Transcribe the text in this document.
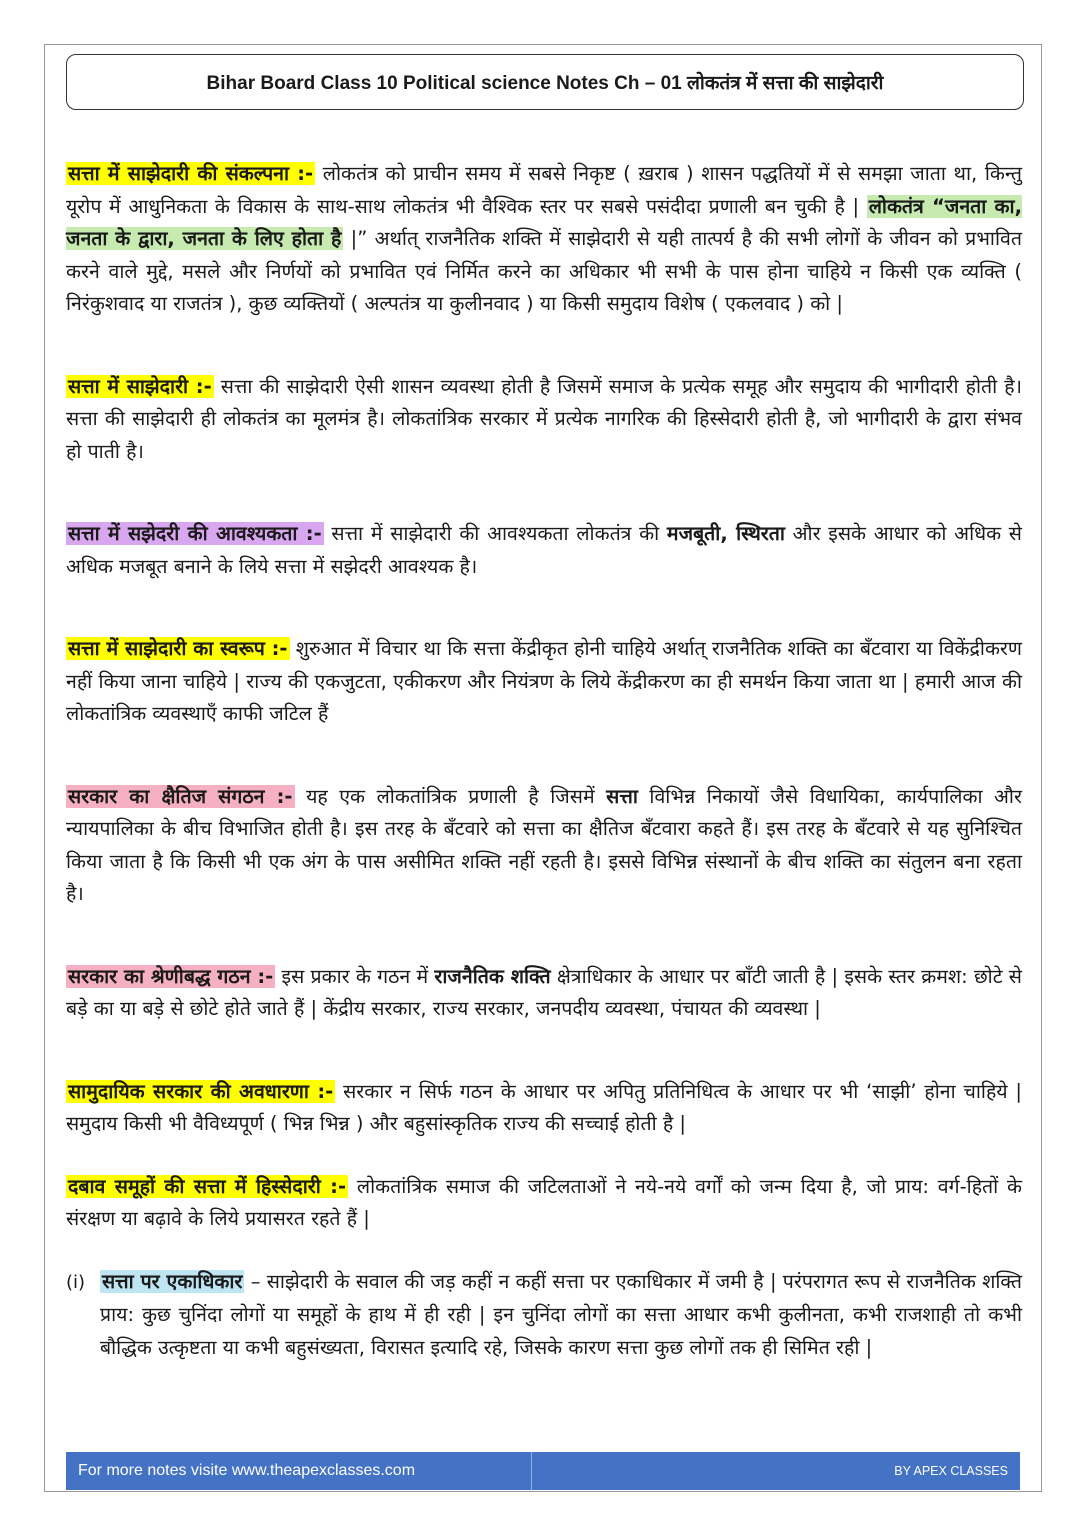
Bihar Board Class 10 Political science Notes Ch – 01 लोकतंत्र में सत्ता की साझेदारी

सत्ता में साझेदारी की संकल्पना :- लोकतंत्र को प्राचीन समय में सबसे निकृष्ट ( ख़राब ) शासन पद्धतियों में से समझा जाता था, किन्तु यूरोप में आधुनिकता के विकास के साथ-साथ लोकतंत्र भी वैश्विक स्तर पर सबसे पसंदीदा प्रणाली बन चुकी है | लोकतंत्र “जनता का, जनता के द्वारा, जनता के लिए होता है |” अर्थात् राजनैतिक शक्ति में साझेदारी से यही तात्पर्य है की सभी लोगों के जीवन को प्रभावित करने वाले मुद्दे, मसले और निर्णयों को प्रभावित एवं निर्मित करने का अधिकार भी सभी के पास होना चाहिये न किसी एक व्यक्ति ( निरंकुशवाद या राजतंत्र ), कुछ व्यक्तियों ( अल्पतंत्र या कुलीनवाद ) या किसी समुदाय विशेष ( एकलवाद ) को |

सत्ता में साझेदारी :- सत्ता की साझेदारी ऐसी शासन व्यवस्था होती है जिसमें समाज के प्रत्येक समूह और समुदाय की भागीदारी होती है। सत्ता की साझेदारी ही लोकतंत्र का मूलमंत्र है। लोकतांत्रिक सरकार में प्रत्येक नागरिक की हिस्सेदारी होती है, जो भागीदारी के द्वारा संभव हो पाती है।

सत्ता में सझेदरी की आवश्यकता :- सत्ता में साझेदारी की आवश्यकता लोकतंत्र की मजबूती, स्थिरता और इसके आधार को अधिक से अधिक मजबूत बनाने के लिये सत्ता में सझेदरी आवश्यक है।

सत्ता में साझेदारी का स्वरूप :- शुरुआत में विचार था कि सत्ता केंद्रीकृत होनी चाहिये अर्थात् राजनैतिक शक्ति का बँटवारा या विकेंद्रीकरण नहीं किया जाना चाहिये | राज्य की एकजुटता, एकीकरण और नियंत्रण के लिये केंद्रीकरण का ही समर्थन किया जाता था | हमारी आज की लोकतांत्रिक व्यवस्थाएँ काफी जटिल हैं

सरकार का क्षैतिज संगठन :- यह एक लोकतांत्रिक प्रणाली है जिसमें सत्ता विभिन्न निकायों जैसे विधायिका, कार्यपालिका और न्यायपालिका के बीच विभाजित होती है। इस तरह के बँटवारे को सत्ता का क्षैतिज बँटवारा कहते हैं। इस तरह के बँटवारे से यह सुनिश्चित किया जाता है कि किसी भी एक अंग के पास असीमित शक्ति नहीं रहती है। इससे विभिन्न संस्थानों के बीच शक्ति का संतुलन बना रहता है।

सरकार का श्रेणीबद्ध गठन :- इस प्रकार के गठन में राजनैतिक शक्ति क्षेत्राधिकार के आधार पर बाँटी जाती है | इसके स्तर क्रमश: छोटे से बड़े का या बड़े से छोटे होते जाते हैं | केंद्रीय सरकार, राज्य सरकार, जनपदीय व्यवस्था, पंचायत की व्यवस्था |

सामुदायिक सरकार की अवधारणा :- सरकार न सिर्फ गठन के आधार पर अपितु प्रतिनिधित्व के आधार पर भी ‘साझी’ होना चाहिये | समुदाय किसी भी वैविध्यपूर्ण ( भिन्न भिन्न ) और बहुसांस्कृतिक राज्य की सच्चाई होती है |

दबाव समूहों की सत्ता में हिस्सेदारी :- लोकतांत्रिक समाज की जटिलताओं ने नये-नये वर्गों को जन्म दिया है, जो प्राय: वर्ग-हितों के संरक्षण या बढ़ावे के लिये प्रयासरत रहते हैं |

(i) सत्ता पर एकाधिकार – साझेदारी के सवाल की जड़ कहीं न कहीं सत्ता पर एकाधिकार में जमी है | परंपरागत रूप से राजनैतिक शक्ति प्राय: कुछ चुनिंदा लोगों या समूहों के हाथ में ही रही | इन चुनिंदा लोगों का सत्ता आधार कभी कुलीनता, कभी राजशाही तो कभी बौद्धिक उत्कृष्टता या कभी बहुसंख्यता, विरासत इत्यादि रहे, जिसके कारण सत्ता कुछ लोगों तक ही सिमित रही |

For more notes visite www.theapexclasses.com	BY APEX CLASSES
